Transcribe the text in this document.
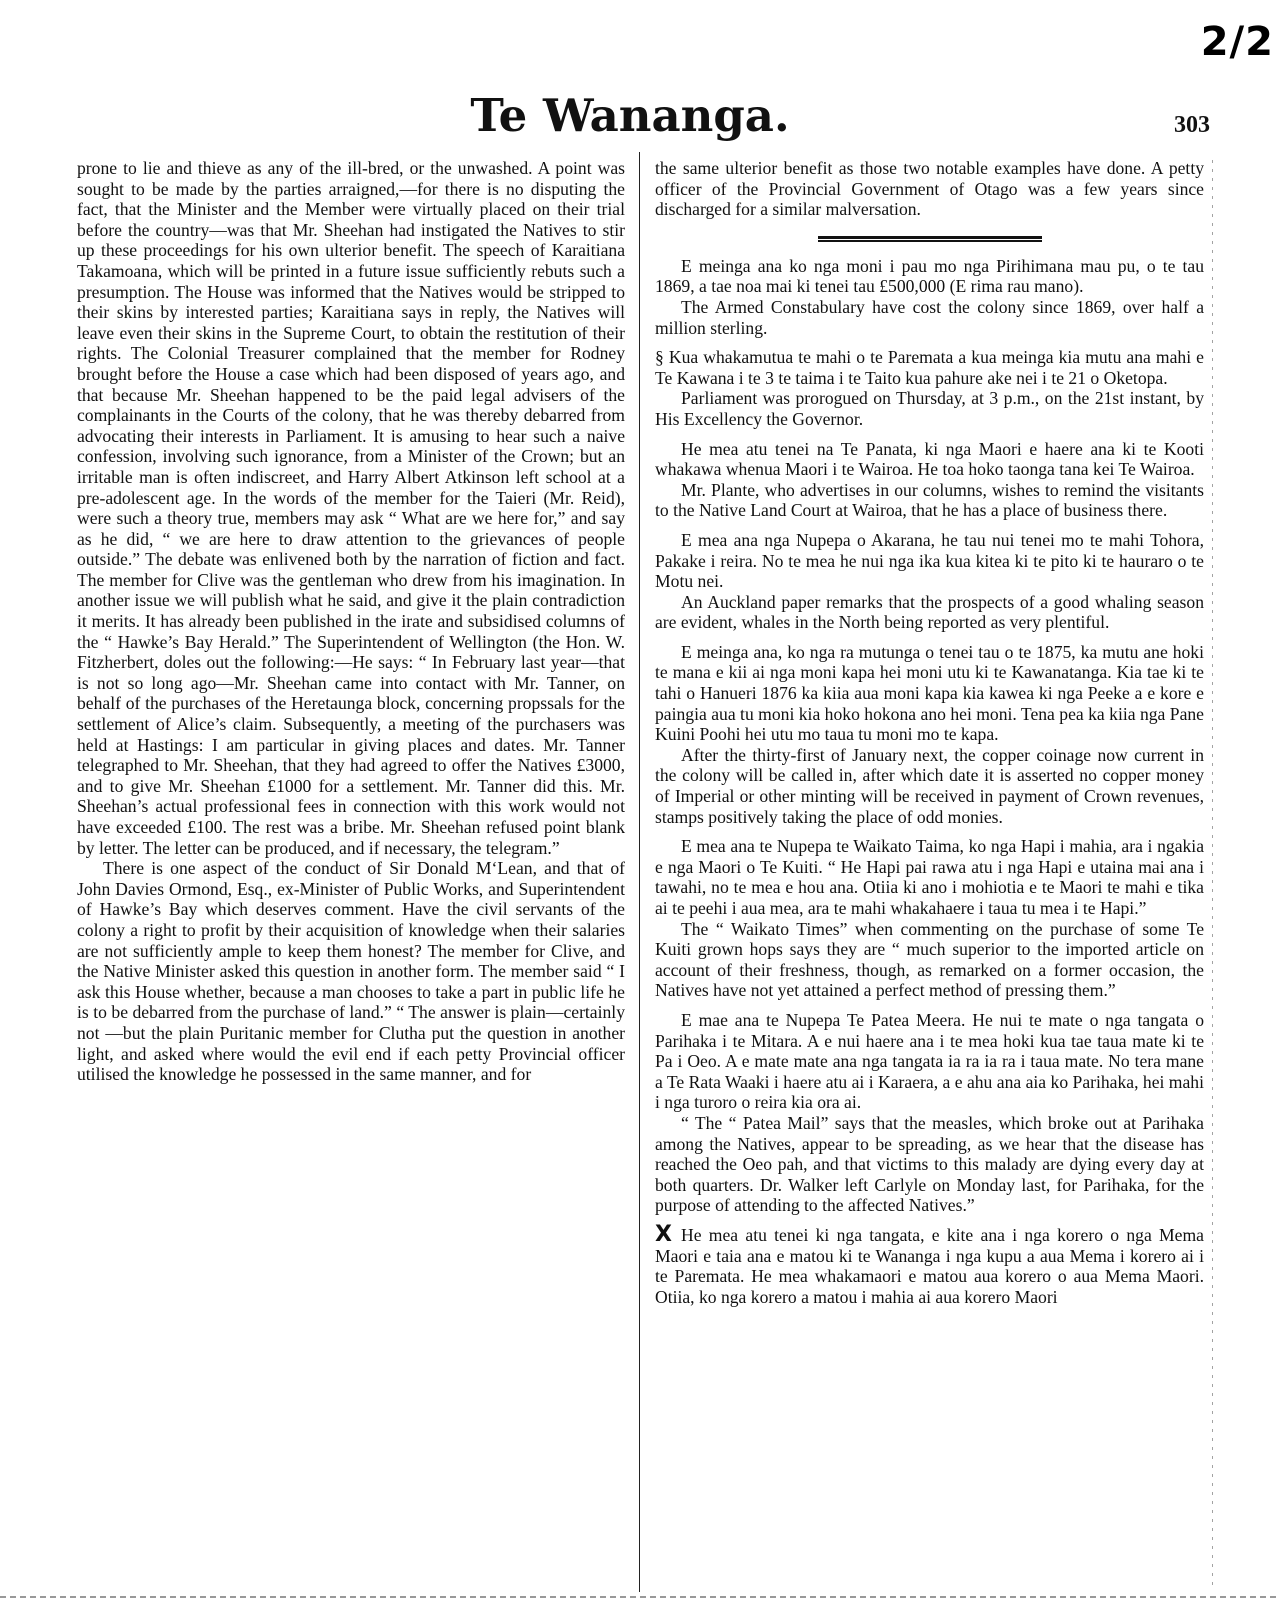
2/2
Te Wananga.	303

prone to lie and thieve as any of the ill-bred, or the unwashed. A point was sought to be made by the parties arraigned,—for there is no disputing the fact, that the Minister and the Member were virtually placed on their trial before the country—was that Mr. Sheehan had instigated the Natives to stir up these proceedings for his own ulterior benefit. The speech of Karaitiana Takamoana, which will be printed in a future issue sufficiently rebuts such a presumption. The House was informed that the Natives would be stripped to their skins by interested parties; Karaitiana says in reply, the Natives will leave even their skins in the Supreme Court, to obtain the restitution of their rights. The Colonial Treasurer complained that the member for Rodney brought before the House a case which had been disposed of years ago, and that because Mr. Sheehan happened to be the paid legal advisers of the complainants in the Courts of the colony, that he was thereby debarred from advocating their interests in Parliament. It is amusing to hear such a naive confession, involving such ignorance, from a Minister of the Crown; but an irritable man is often indiscreet, and Harry Albert Atkinson left school at a pre-adolescent age. In the words of the member for the Taieri (Mr. Reid), were such a theory true, members may ask “ What are we here for,” and say as he did, “ we are here to draw attention to the grievances of people outside.” The debate was enlivened both by the narration of fiction and fact. The member for Clive was the gentleman who drew from his imagination. In another issue we will publish what he said, and give it the plain contradiction it merits. It has already been published in the irate and subsidised columns of the “ Hawke’s Bay Herald.” The Superintendent of Wellington (the Hon. W. Fitzherbert, doles out the following:—He says: “ In February last year—that is not so long ago—Mr. Sheehan came into contact with Mr. Tanner, on behalf of the purchases of the Heretaunga block, concerning propssals for the settlement of Alice’s claim. Subsequently, a meeting of the purchasers was held at Hastings: I am particular in giving places and dates. Mr. Tanner telegraphed to Mr. Sheehan, that they had agreed to offer the Natives £3000, and to give Mr. Sheehan £1000 for a settlement. Mr. Tanner did this. Mr. Sheehan’s actual professional fees in connection with this work would not have exceeded £100. The rest was a bribe. Mr. Sheehan refused point blank by letter. The letter can be produced, and if necessary, the telegram.”

There is one aspect of the conduct of Sir Donald M‘Lean, and that of John Davies Ormond, Esq., ex-Minister of Public Works, and Superintendent of Hawke’s Bay which deserves comment. Have the civil servants of the colony a right to profit by their acquisition of knowledge when their salaries are not sufficiently ample to keep them honest? The member for Clive, and the Native Minister asked this question in another form. The member said “ I ask this House whether, because a man chooses to take a part in public life he is to be debarred from the purchase of land.” “ The answer is plain—certainly not —but the plain Puritanic member for Clutha put the question in another light, and asked where would the evil end if each petty Provincial officer utilised the knowledge he possessed in the same manner, and for

the same ulterior benefit as those two notable examples have done. A petty officer of the Provincial Government of Otago was a few years since discharged for a similar malversation.

E meinga ana ko nga moni i pau mo nga Pirihimana mau pu, o te tau 1869, a tae noa mai ki tenei tau £500,000 (E rima rau mano).

The Armed Constabulary have cost the colony since 1869, over half a million sterling.

§ Kua whakamutua te mahi o te Paremata a kua meinga kia mutu ana mahi e Te Kawana i te 3 te taima i te Taito kua pahure ake nei i te 21 o Oketopa.

Parliament was prorogued on Thursday, at 3 p.m., on the 21st instant, by His Excellency the Governor.

He mea atu tenei na Te Panata, ki nga Maori e haere ana ki te Kooti whakawa whenua Maori i te Wairoa. He toa hoko taonga tana kei Te Wairoa.

Mr. Plante, who advertises in our columns, wishes to remind the visitants to the Native Land Court at Wairoa, that he has a place of business there.

E mea ana nga Nupepa o Akarana, he tau nui tenei mo te mahi Tohora, Pakake i reira. No te mea he nui nga ika kua kitea ki te pito ki te hauraro o te Motu nei.

An Auckland paper remarks that the prospects of a good whaling season are evident, whales in the North being reported as very plentiful.

E meinga ana, ko nga ra mutunga o tenei tau o te 1875, ka mutu ane hoki te mana e kii ai nga moni kapa hei moni utu ki te Kawanatanga. Kia tae ki te tahi o Hanueri 1876 ka kiia aua moni kapa kia kawea ki nga Peeke a e kore e paingia aua tu moni kia hoko hokona ano hei moni. Tena pea ka kiia nga Pane Kuini Poohi hei utu mo taua tu moni mo te kapa.

After the thirty-first of January next, the copper coinage now current in the colony will be called in, after which date it is asserted no copper money of Imperial or other minting will be received in payment of Crown revenues, stamps positively taking the place of odd monies.

E mea ana te Nupepa te Waikato Taima, ko nga Hapi i mahia, ara i ngakia e nga Maori o Te Kuiti. “ He Hapi pai rawa atu i nga Hapi e utaina mai ana i tawahi, no te mea e hou ana. Otiia ki ano i mohiotia e te Maori te mahi e tika ai te peehi i aua mea, ara te mahi whakahaere i taua tu mea i te Hapi.”

The “ Waikato Times” when commenting on the purchase of some Te Kuiti grown hops says they are “ much superior to the imported article on account of their freshness, though, as remarked on a former occasion, the Natives have not yet attained a perfect method of pressing them.”

E mae ana te Nupepa Te Patea Meera. He nui te mate o nga tangata o Parihaka i te Mitara. A e nui haere ana i te mea hoki kua tae taua mate ki te Pa i Oeo. A e mate mate ana nga tangata ia ra ia ra i taua mate. No tera mane a Te Rata Waaki i haere atu ai i Karaera, a e ahu ana aia ko Parihaka, hei mahi i nga turoro o reira kia ora ai.

“ The “ Patea Mail” says that the measles, which broke out at Parihaka among the Natives, appear to be spreading, as we hear that the disease has reached the Oeo pah, and that victims to this malady are dying every day at both quarters. Dr. Walker left Carlyle on Monday last, for Parihaka, for the purpose of attending to the affected Natives.”

X He mea atu tenei ki nga tangata, e kite ana i nga korero o nga Mema Maori e taia ana e matou ki te Wananga i nga kupu a aua Mema i korero ai i te Paremata. He mea whakamaori e matou aua korero o aua Mema Maori. Otiia, ko nga korero a matou i mahia ai aua korero Maori
